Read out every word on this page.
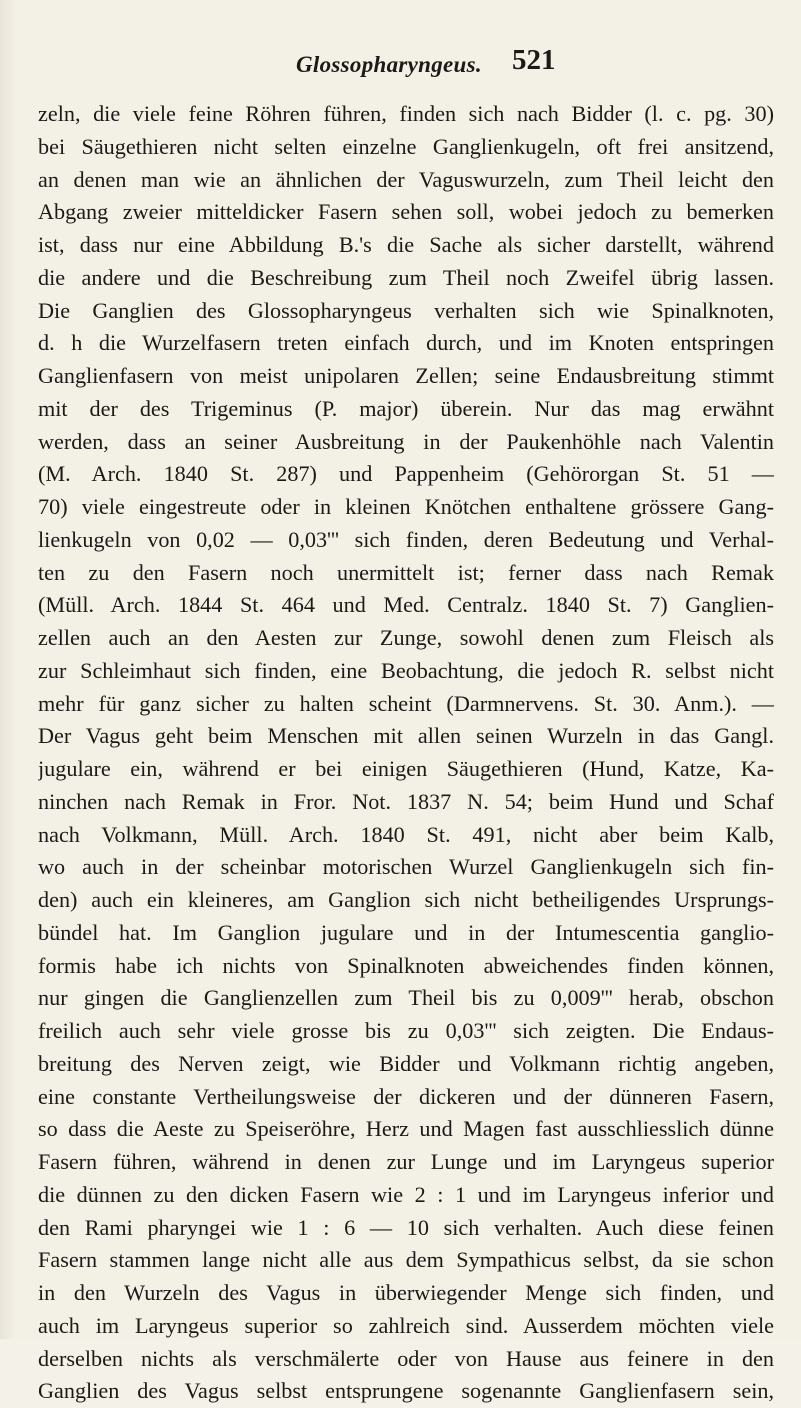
Glossopharyngeus. 521
zeln, die viele feine Röhren führen, finden sich nach Bidder (l. c. pg. 30)
bei Säugethieren nicht selten einzelne Ganglienkugeln, oft frei ansitzend,
an denen man wie an ähnlichen der Vaguswurzeln, zum Theil leicht den
Abgang zweier mitteldicker Fasern sehen soll, wobei jedoch zu bemerken
ist, dass nur eine Abbildung B.'s die Sache als sicher darstellt, während
die andere und die Beschreibung zum Theil noch Zweifel übrig lassen.
Die Ganglien des Glossopharyngeus verhalten sich wie Spinalknoten,
d. h die Wurzelfasern treten einfach durch, und im Knoten entspringen
Ganglienfasern von meist unipolaren Zellen; seine Endausbreitung stimmt
mit der des Trigeminus (P. major) überein. Nur das mag erwähnt
werden, dass an seiner Ausbreitung in der Paukenhöhle nach Valentin
(M. Arch. 1840 St. 287) und Pappenheim (Gehörorgan St. 51 —
70) viele eingestreute oder in kleinen Knötchen enthaltene grössere Gang-
lienkugeln von 0,02 — 0,03''' sich finden, deren Bedeutung und Verhal-
ten zu den Fasern noch unermittelt ist; ferner dass nach Remak
(Müll. Arch. 1844 St. 464 und Med. Centralz. 1840 St. 7) Ganglien-
zellen auch an den Aesten zur Zunge, sowohl denen zum Fleisch als
zur Schleimhaut sich finden, eine Beobachtung, die jedoch R. selbst nicht
mehr für ganz sicher zu halten scheint (Darmnervens. St. 30. Anm.). —
Der Vagus geht beim Menschen mit allen seinen Wurzeln in das Gangl.
jugulare ein, während er bei einigen Säugethieren (Hund, Katze, Ka-
ninchen nach Remak in Fror. Not. 1837 N. 54; beim Hund und Schaf
nach Volkmann, Müll. Arch. 1840 St. 491, nicht aber beim Kalb,
wo auch in der scheinbar motorischen Wurzel Ganglienkugeln sich fin-
den) auch ein kleineres, am Ganglion sich nicht betheiligendes Ursprungs-
bündel hat. Im Ganglion jugulare und in der Intumescentia ganglio-
formis habe ich nichts von Spinalknoten abweichendes finden können,
nur gingen die Ganglienzellen zum Theil bis zu 0,009''' herab, obschon
freilich auch sehr viele grosse bis zu 0,03''' sich zeigten. Die Endaus-
breitung des Nerven zeigt, wie Bidder und Volkmann richtig angeben,
eine constante Vertheilungsweise der dickeren und der dünneren Fasern,
so dass die Aeste zu Speiseröhre, Herz und Magen fast ausschliesslich dünne
Fasern führen, während in denen zur Lunge und im Laryngeus superior
die dünnen zu den dicken Fasern wie 2 : 1 und im Laryngeus inferior und
den Rami pharyngei wie 1 : 6 — 10 sich verhalten. Auch diese feinen
Fasern stammen lange nicht alle aus dem Sympathicus selbst, da sie schon
in den Wurzeln des Vagus in überwiegender Menge sich finden, und
auch im Laryngeus superior so zahlreich sind. Ausserdem möchten viele
derselben nichts als verschmälerte oder von Hause aus feinere in den
Ganglien des Vagus selbst entsprungene sogenannte Ganglienfasern sein,
